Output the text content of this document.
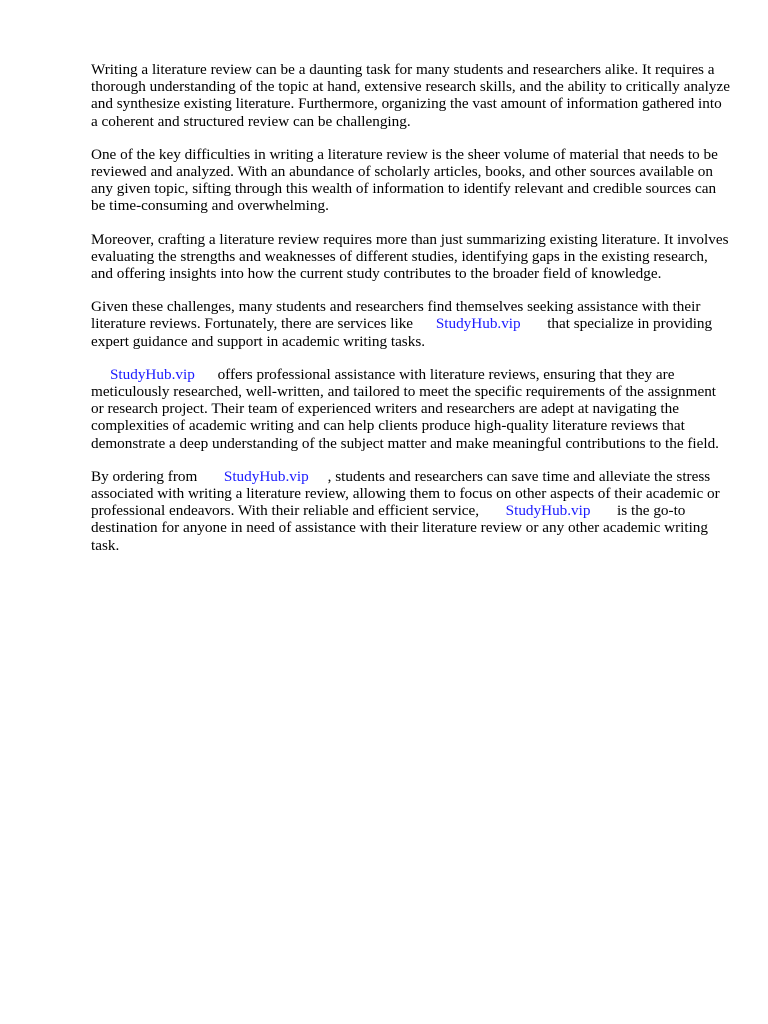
Writing a literature review can be a daunting task for many students and researchers alike. It requires a thorough understanding of the topic at hand, extensive research skills, and the ability to critically analyze and synthesize existing literature. Furthermore, organizing the vast amount of information gathered into a coherent and structured review can be challenging.

One of the key difficulties in writing a literature review is the sheer volume of material that needs to be reviewed and analyzed. With an abundance of scholarly articles, books, and other sources available on any given topic, sifting through this wealth of information to identify relevant and credible sources can be time-consuming and overwhelming.

Moreover, crafting a literature review requires more than just summarizing existing literature. It involves evaluating the strengths and weaknesses of different studies, identifying gaps in the existing research, and offering insights into how the current study contributes to the broader field of knowledge.

Given these challenges, many students and researchers find themselves seeking assistance with their literature reviews. Fortunately, there are services like StudyHub.vip that specialize in providing expert guidance and support in academic writing tasks.

StudyHub.vip offers professional assistance with literature reviews, ensuring that they are meticulously researched, well-written, and tailored to meet the specific requirements of the assignment or research project. Their team of experienced writers and researchers are adept at navigating the complexities of academic writing and can help clients produce high-quality literature reviews that demonstrate a deep understanding of the subject matter and make meaningful contributions to the field.

By ordering from StudyHub.vip , students and researchers can save time and alleviate the stress associated with writing a literature review, allowing them to focus on other aspects of their academic or professional endeavors. With their reliable and efficient service, StudyHub.vip is the go-to destination for anyone in need of assistance with their literature review or any other academic writing task.
